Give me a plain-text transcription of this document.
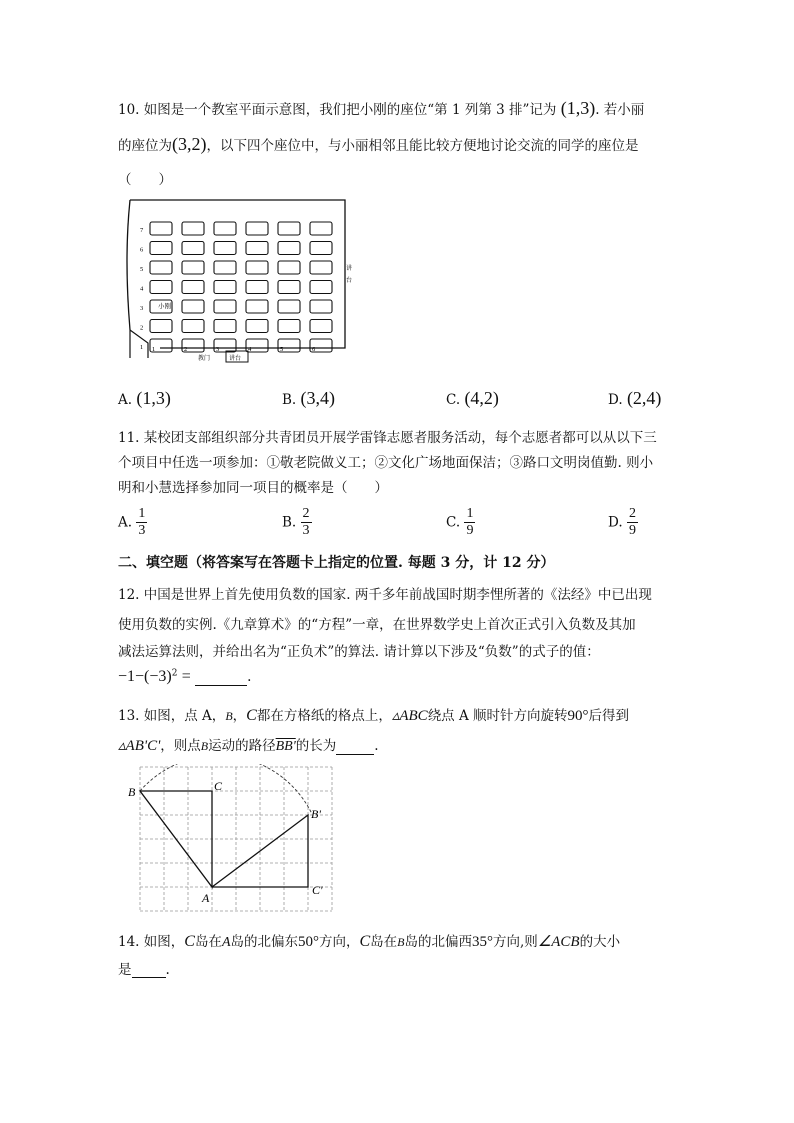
10. 如图是一个教室平面示意图，我们把小刚的座位“第 1 列第 3 排”记为 (1,3). 若小丽
的座位为(3,2)，以下四个座位中，与小丽相邻且能比较方便地讨论交流的同学的座位是
（　　）
7
6
5
4
3
2
1 1	2	3	4	5	6
小刚
教门	讲台
讲
台
A. (1,3)	B. (3,4)	C. (4,2)	D. (2,4)
11. 某校团支部组织部分共青团员开展学雷锋志愿者服务活动，每个志愿者都可以从以下三
个项目中任选一项参加：①敬老院做义工；②文化广场地面保洁；③路口文明岗值勤. 则小
明和小慧选择参加同一项目的概率是（　　）
A. $\frac{1}{3}$	B. $\frac{2}{3}$	C. $\frac{1}{9}$	D. $\frac{2}{9}$
二、填空题（将答案写在答题卡上指定的位置. 每题 3 分，计 12 分）
12. 中国是世界上首先使用负数的国家. 两千多年前战国时期李悝所著的《法经》中已出现
使用负数的实例.《九章算术》的“方程”一章，在世界数学史上首次正式引入负数及其加
减法运算法则，并给出名为“正负术”的算法. 请计算以下涉及“负数”的式子的值：
$-1-(-3)^2$ =	.
13. 如图，点 A，B，C都在方格纸的格点上，▵ABC绕点 A 顺时针方向旋转90°后得到
▵AB'C'，则点B运动的路径BB'的长为	.
B	C
A
B'
C'
14. 如图，C岛在A岛的北偏东50°方向，C岛在B岛的北偏西35°方向,则∠ACB的大小
是	.
